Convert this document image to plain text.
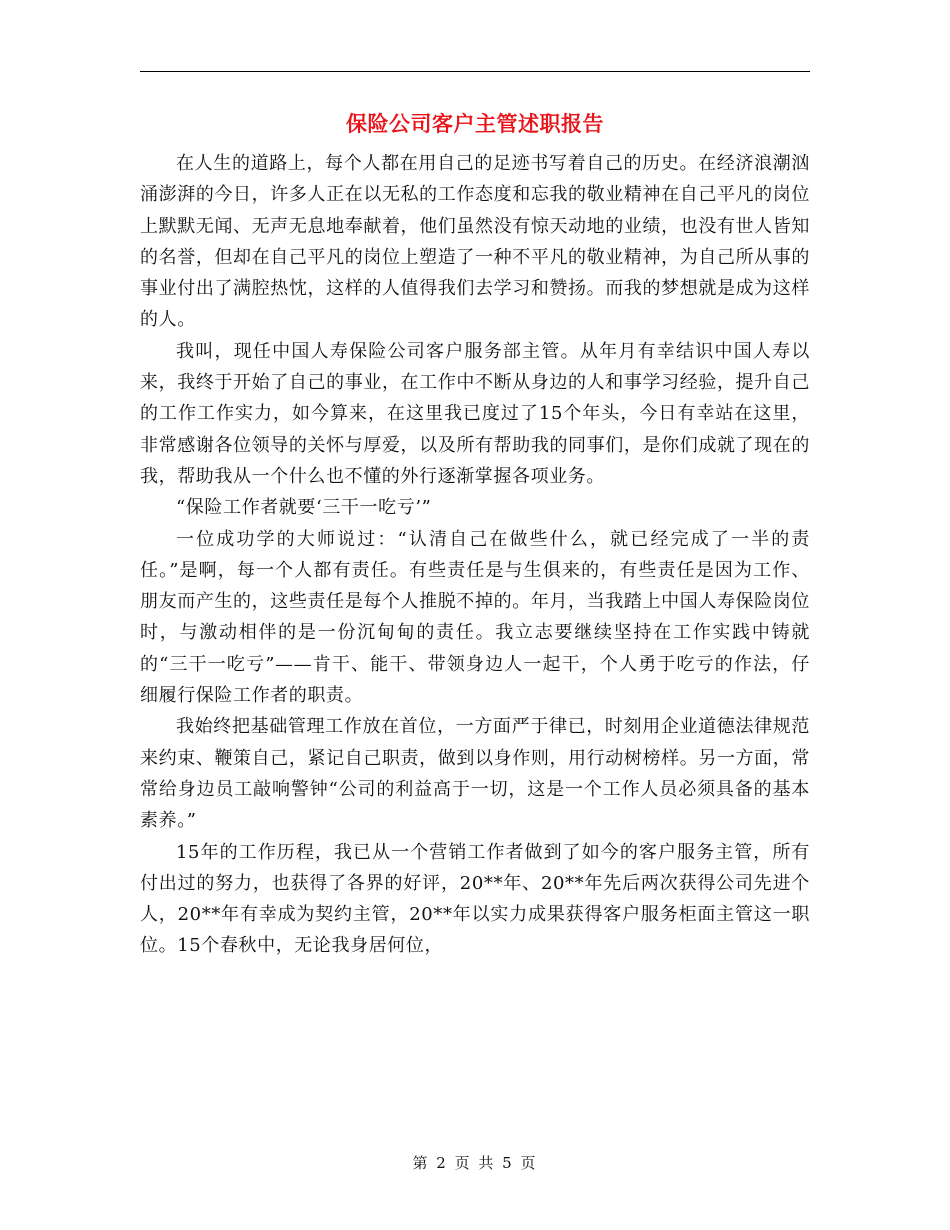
保险公司客户主管述职报告

在人生的道路上，每个人都在用自己的足迹书写着自己的历史。在经济浪潮汹涌澎湃的今日，许多人正在以无私的工作态度和忘我的敬业精神在自己平凡的岗位上默默无闻、无声无息地奉献着，他们虽然没有惊天动地的业绩，也没有世人皆知的名誉，但却在自己平凡的岗位上塑造了一种不平凡的敬业精神，为自己所从事的事业付出了满腔热忱，这样的人值得我们去学习和赞扬。而我的梦想就是成为这样的人。

我叫，现任中国人寿保险公司客户服务部主管。从年月有幸结识中国人寿以来，我终于开始了自己的事业，在工作中不断从身边的人和事学习经验，提升自己的工作工作实力，如今算来，在这里我已度过了15个年头，今日有幸站在这里，非常感谢各位领导的关怀与厚爱，以及所有帮助我的同事们，是你们成就了现在的我，帮助我从一个什么也不懂的外行逐渐掌握各项业务。

“保险工作者就要‘三干一吃亏’”

一位成功学的大师说过：“认清自己在做些什么，就已经完成了一半的责任。”是啊，每一个人都有责任。有些责任是与生俱来的，有些责任是因为工作、朋友而产生的，这些责任是每个人推脱不掉的。年月，当我踏上中国人寿保险岗位时，与激动相伴的是一份沉甸甸的责任。我立志要继续坚持在工作实践中铸就的“三干一吃亏”——肯干、能干、带领身边人一起干，个人勇于吃亏的作法，仔细履行保险工作者的职责。

我始终把基础管理工作放在首位，一方面严于律已，时刻用企业道德法律规范来约束、鞭策自己，紧记自己职责，做到以身作则，用行动树榜样。另一方面，常常给身边员工敲响警钟“公司的利益高于一切，这是一个工作人员必须具备的基本素养。”

15年的工作历程，我已从一个营销工作者做到了如今的客户服务主管，所有付出过的努力，也获得了各界的好评，20**年、20**年先后两次获得公司先进个人，20**年有幸成为契约主管，20**年以实力成果获得客户服务柜面主管这一职位。15个春秋中，无论我身居何位，

第 2 页 共 5 页
